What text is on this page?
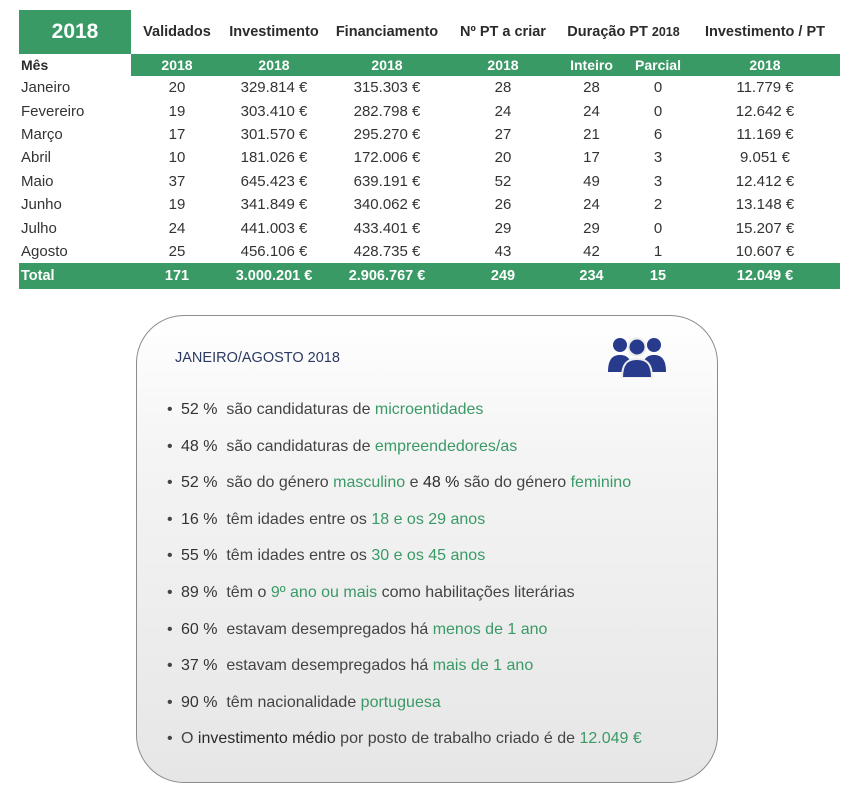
2018	Validados	Investimento	Financiamento	Nº PT a criar	Duração PT 2018		Investimento / PT
Mês	2018	2018	2018	2018	Inteiro	Parcial	2018
Janeiro	20	329.814 €	315.303 €	28	28	0	11.779 €
Fevereiro	19	303.410 €	282.798 €	24	24	0	12.642 €
Março	17	301.570 €	295.270 €	27	21	6	11.169 €
Abril	10	181.026 €	172.006 €	20	17	3	9.051 €
Maio	37	645.423 €	639.191 €	52	49	3	12.412 €
Junho	19	341.849 €	340.062 €	26	24	2	13.148 €
Julho	24	441.003 €	433.401 €	29	29	0	15.207 €
Agosto	25	456.106 €	428.735 €	43	42	1	10.607 €
Total	171	3.000.201 €	2.906.767 €	249	234	15	12.049 €
JANEIRO/AGOSTO 2018
• 52 %  são candidaturas de microentidades
• 48 %  são candidaturas de empreendedores/as
• 52 %  são do género masculino e 48 % são do género feminino
• 16 %  têm idades entre os 18 e os 29 anos
• 55 %  têm idades entre os 30 e os 45 anos
• 89 %  têm o 9º ano ou mais como habilitações literárias
• 60 %  estavam desempregados há menos de 1 ano
• 37 %  estavam desempregados há mais de 1 ano
• 90 %  têm nacionalidade portuguesa
• O investimento médio por posto de trabalho criado é de 12.049 €
